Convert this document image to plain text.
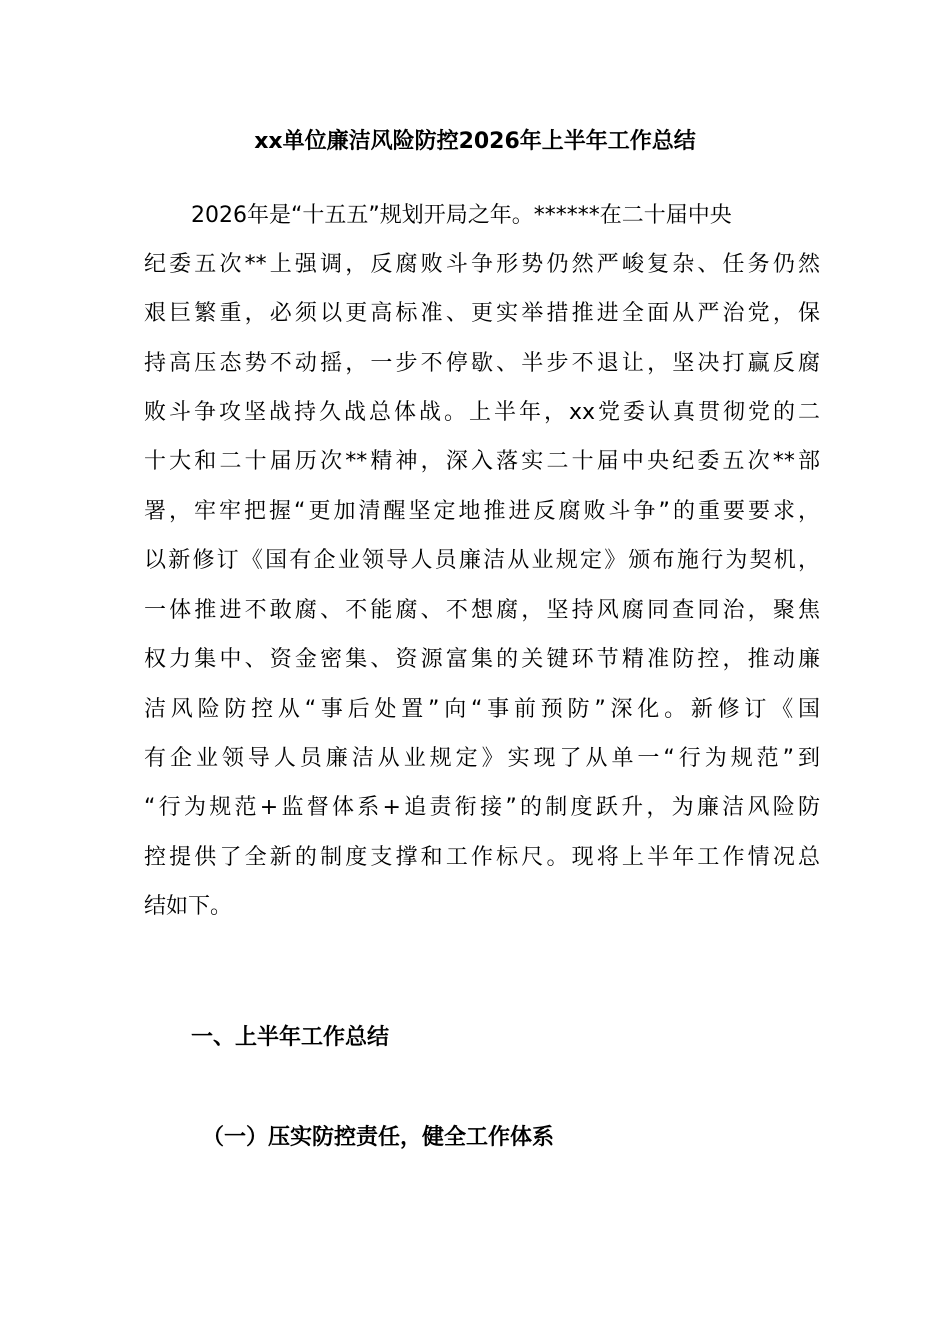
xx单位廉洁风险防控2026年上半年工作总结

2026年是“十五五”规划开局之年。******在二十届中央

纪委五次**上强调，反腐败斗争形势仍然严峻复杂、任务仍然

艰巨繁重，必须以更高标准、更实举措推进全面从严治党，保

持高压态势不动摇，一步不停歇、半步不退让，坚决打赢反腐

败斗争攻坚战持久战总体战。上半年，xx党委认真贯彻党的二

十大和二十届历次**精神，深入落实二十届中央纪委五次**部

署，牢牢把握“更加清醒坚定地推进反腐败斗争”的重要要求，

以新修订《国有企业领导人员廉洁从业规定》颁布施行为契机，

一体推进不敢腐、不能腐、不想腐，坚持风腐同查同治，聚焦

权力集中、资金密集、资源富集的关键环节精准防控，推动廉

洁风险防控从“事后处置”向“事前预防”深化。新修订《国

有企业领导人员廉洁从业规定》实现了从单一“行为规范”到

“行为规范+监督体系+追责衔接”的制度跃升，为廉洁风险防

控提供了全新的制度支撑和工作标尺。现将上半年工作情况总

结如下。

一、上半年工作总结
（一）压实防控责任，健全工作体系
